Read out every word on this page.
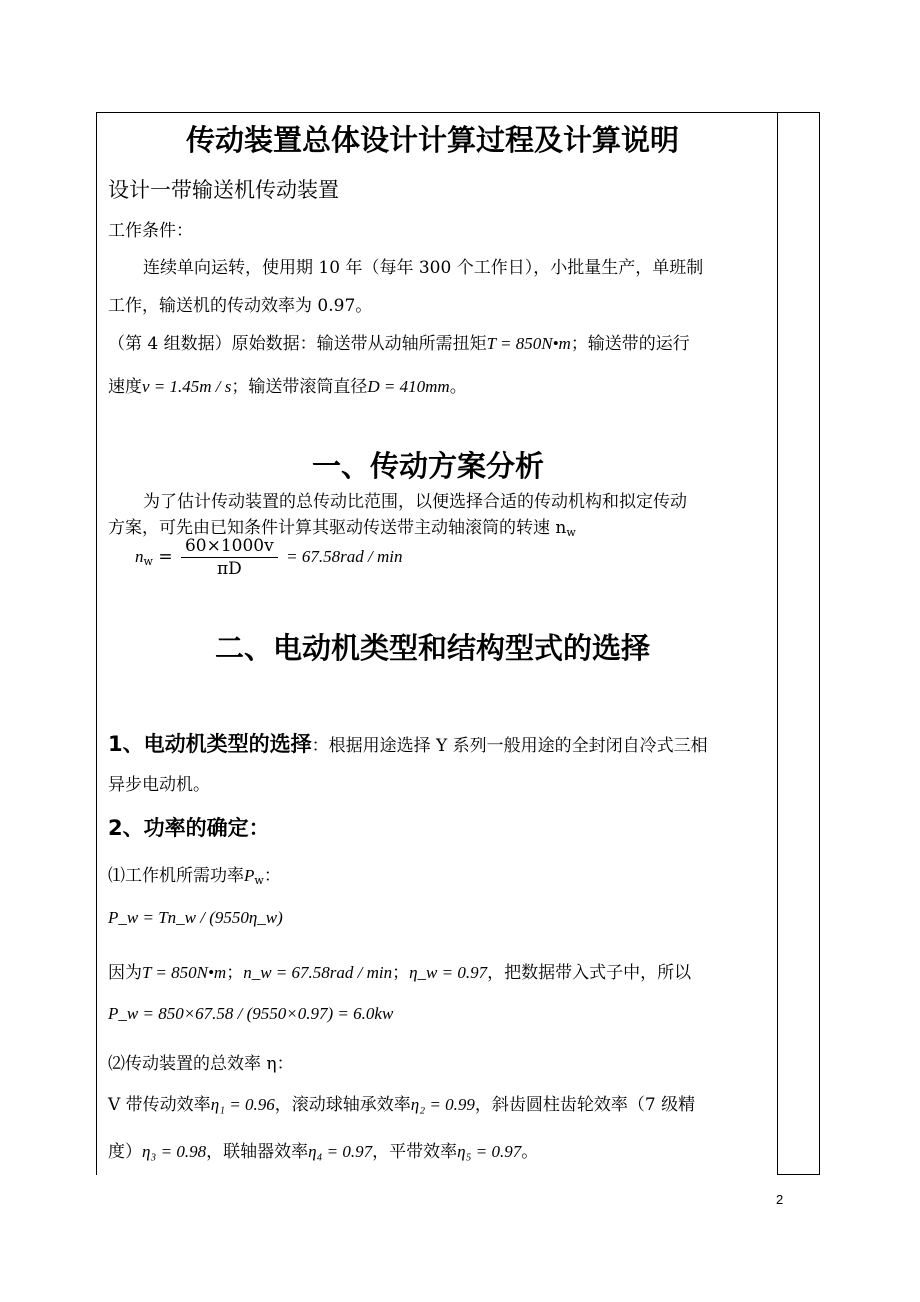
传动装置总体设计计算过程及计算说明
设计一带输送机传动装置
工作条件：
连续单向运转，使用期 10 年（每年 300 个工作日），小批量生产，单班制
工作，输送机的传动效率为 0.97。
（第 4 组数据）原始数据：输送带从动轴所需扭矩T = 850N•m；输送带的运行
速度v = 1.45m / s；输送带滚筒直径D = 410mm。
一、传动方案分析
为了估计传动装置的总传动比范围，以便选择合适的传动机构和拟定传动
方案，可先由已知条件计算其驱动传送带主动轴滚筒的转速 $n_w$
$n_w = \frac{60\times 1000v}{\pi D} = 67.58rad / \min$
二、电动机类型和结构型式的选择
1、电动机类型的选择：根据用途选择 Y 系列一般用途的全封闭自冷式三相
异步电动机。
2、功率的确定：
⑴工作机所需功率$P_w$：
P_w = Tn_w / (9550η_w)
因为T = 850N•m；n_w = 67.58rad / min；η_w = 0.97，把数据带入式子中，所以
P_w = 850×67.58 / (9550×0.97) = 6.0kw
⑵传动装置的总效率 η：
V 带传动效率η₁ = 0.96，滚动球轴承效率η₂ = 0.99，斜齿圆柱齿轮效率（7 级精
度）η₃ = 0.98，联轴器效率η₄ = 0.97，平带效率η₅ = 0.97。
2
